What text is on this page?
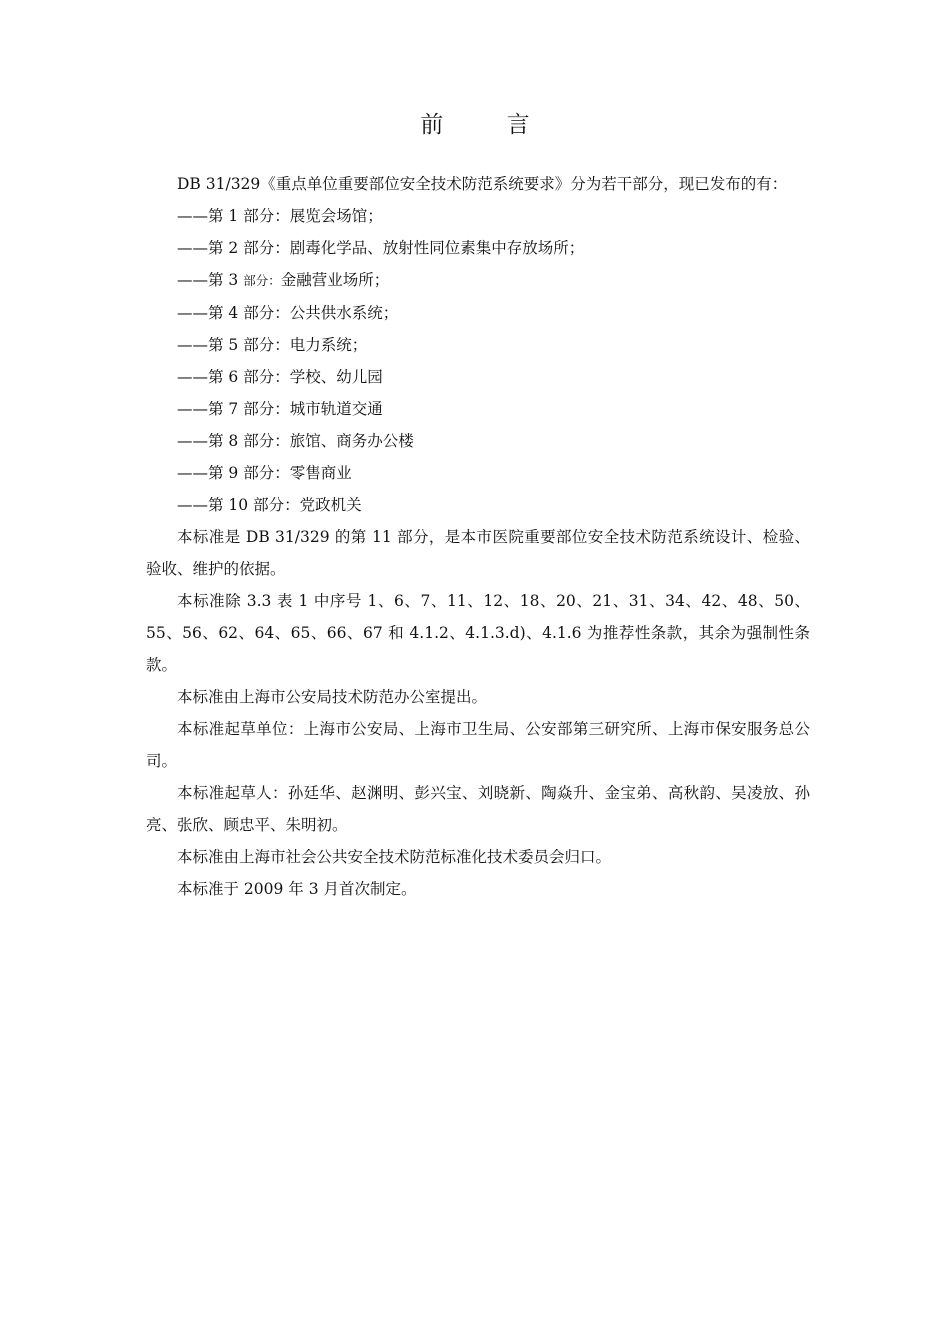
前 言

DB 31/329《重点单位重要部位安全技术防范系统要求》分为若干部分，现已发布的有：

——第 1 部分：展览会场馆；

——第 2 部分：剧毒化学品、放射性同位素集中存放场所；

——第 3 部分：金融营业场所；

——第 4 部分：公共供水系统；

——第 5 部分：电力系统；

——第 6 部分：学校、幼儿园

——第 7 部分：城市轨道交通

——第 8 部分：旅馆、商务办公楼

——第 9 部分：零售商业

——第 10 部分：党政机关

本标准是 DB 31/329 的第 11 部分，是本市医院重要部位安全技术防范系统设计、检验、验收、维护的依据。

本标准除 3.3 表 1 中序号 1、6、7、11、12、18、20、21、31、34、42、48、50、55、56、62、64、65、66、67 和 4.1.2、4.1.3.d)、4.1.6 为推荐性条款，其余为强制性条款。

本标准由上海市公安局技术防范办公室提出。

本标准起草单位：上海市公安局、上海市卫生局、公安部第三研究所、上海市保安服务总公司。

本标准起草人：孙廷华、赵渊明、彭兴宝、刘晓新、陶焱升、金宝弟、高秋韵、吴凌放、孙亮、张欣、顾忠平、朱明初。

本标准由上海市社会公共安全技术防范标准化技术委员会归口。

本标准于 2009 年 3 月首次制定。
